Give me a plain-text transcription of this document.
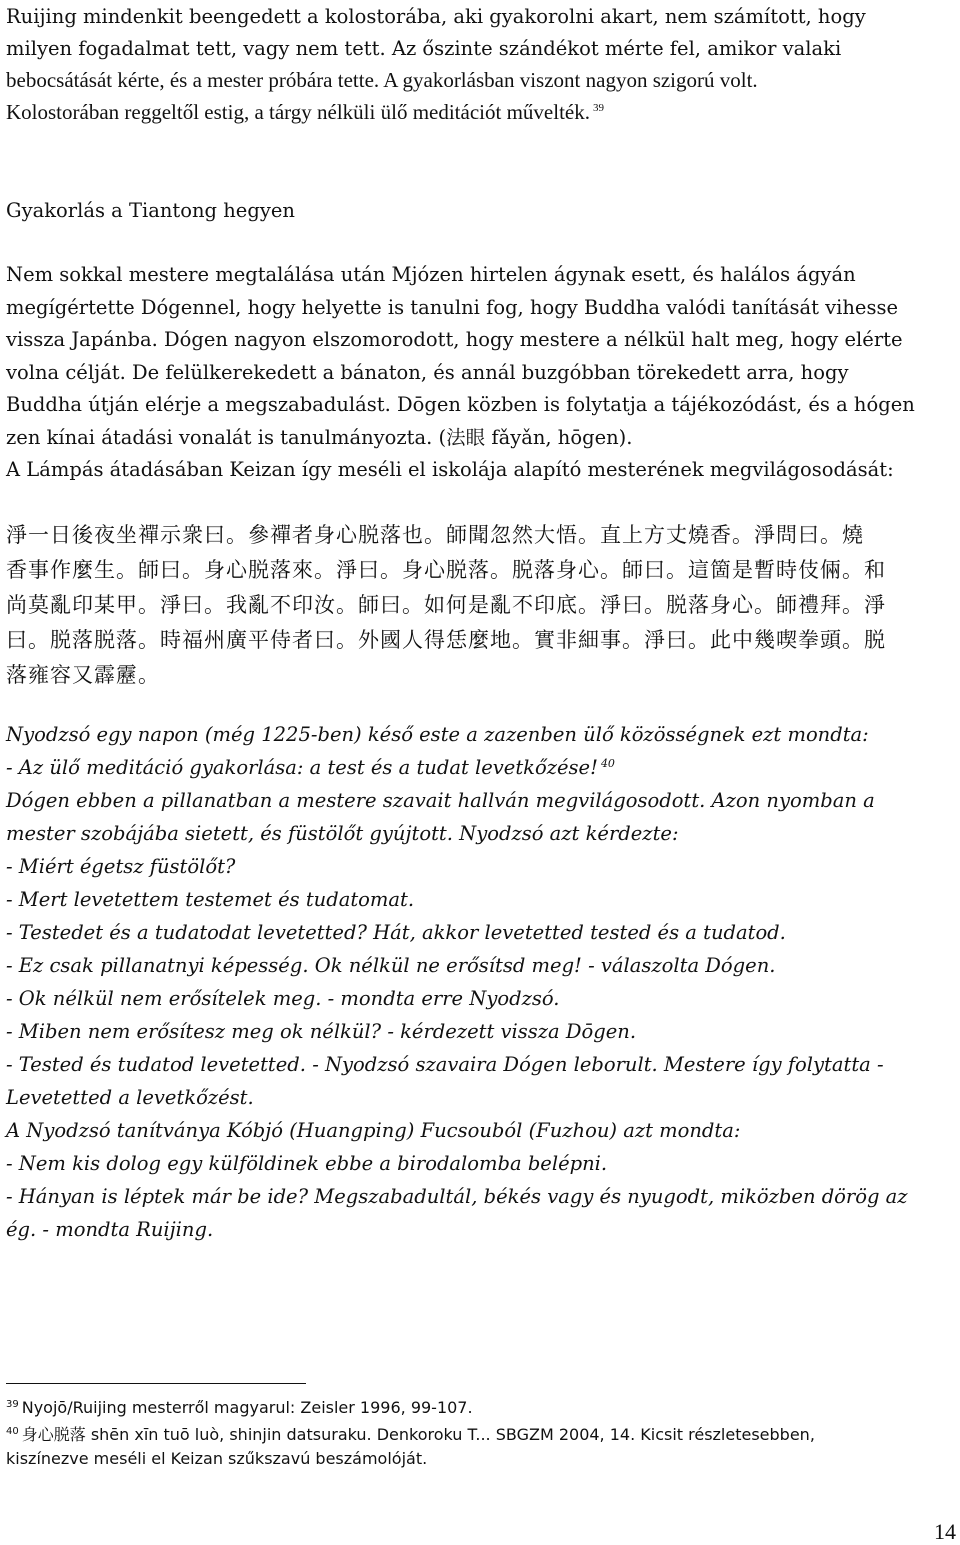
Ruijing mindenkit beengedett a kolostorába, aki gyakorolni akart, nem számított, hogy
milyen fogadalmat tett, vagy nem tett. Az őszinte szándékot mérte fel, amikor valaki
bebocsátását kérte, és a mester próbára tette. A gyakorlásban viszont nagyon szigorú volt.
Kolostorában reggeltől estig, a tárgy nélküli ülő meditációt művelték. $^{39}$
Gyakorlás a Tiantong hegyen
Nem sokkal mestere megtalálása után Mjózen hirtelen ágynak esett, és halálos ágyán
megígértette Dógennel, hogy helyette is tanulni fog, hogy Buddha valódi tanítását vihesse
vissza Japánba. Dógen nagyon elszomorodott, hogy mestere a nélkül halt meg, hogy elérte
volna célját. De felülkerekedett a bánaton, és annál buzgóbban törekedett arra, hogy
Buddha útján elérje a megszabadulást. Dōgen közben is folytatja a tájékozódást, és a hógen
zen kínai átadási vonalát is tanulmányozta. (法眼 fǎyǎn, hōgen).
A Lámpás átadásában Keizan így meséli el iskolája alapító mesterének megvilágosodását:
淨一日後夜坐禪示衆曰。參禪者身心脱落也。師聞忽然大悟。直上方丈燒香。淨問曰。燒
香事作麼生。師曰。身心脱落來。淨曰。身心脱落。脱落身心。師曰。這箇是暫時伎倆。和
尚莫亂印某甲。淨曰。我亂不印汝。師曰。如何是亂不印底。淨曰。脱落身心。師禮拜。淨
曰。脱落脱落。時福州廣平侍者曰。外國人得恁麼地。實非細事。淨曰。此中幾喫拳頭。脱
落雍容又霹靂。
Nyodzsó egy napon (még 1225-ben) késő este a zazenben ülő közösségnek ezt mondta:
- Az ülő meditáció gyakorlása: a test és a tudat levetkőzése! $^{40}$
Dógen ebben a pillanatban a mestere szavait hallván megvilágosodott. Azon nyomban a
mester szobájába sietett, és füstölőt gyújtott. Nyodzsó azt kérdezte:
- Miért égetsz füstölőt?
- Mert levetettem testemet és tudatomat.
- Testedet és a tudatodat levetetted? Hát, akkor levetetted tested és a tudatod.
- Ez csak pillanatnyi képesség. Ok nélkül ne erősítsd meg! - válaszolta Dógen.
- Ok nélkül nem erősítelek meg. - mondta erre Nyodzsó.
- Miben nem erősítesz meg ok nélkül? - kérdezett vissza Dōgen.
- Tested és tudatod levetetted. - Nyodzsó szavaira Dógen leborult. Mestere így folytatta -
Levetetted a levetkőzést.
A Nyodzsó tanítványa Kóbjó (Huangping) Fucsouból (Fuzhou) azt mondta:
- Nem kis dolog egy külföldinek ebbe a birodalomba belépni.
- Hányan is léptek már be ide? Megszabadultál, békés vagy és nyugodt, miközben dörög az
ég. - mondta Ruijing.
$^{39}$ Nyojō/Ruijing mesterről magyarul: Zeisler 1996, 99-107.
$^{40}$ 身心脱落 shēn xīn tuō luò, shinjin datsuraku. Denkoroku T... SBGZM 2004, 14. Kicsit részletesebben,
kiszínezve meséli el Keizan szűkszavú beszámolóját.
14
